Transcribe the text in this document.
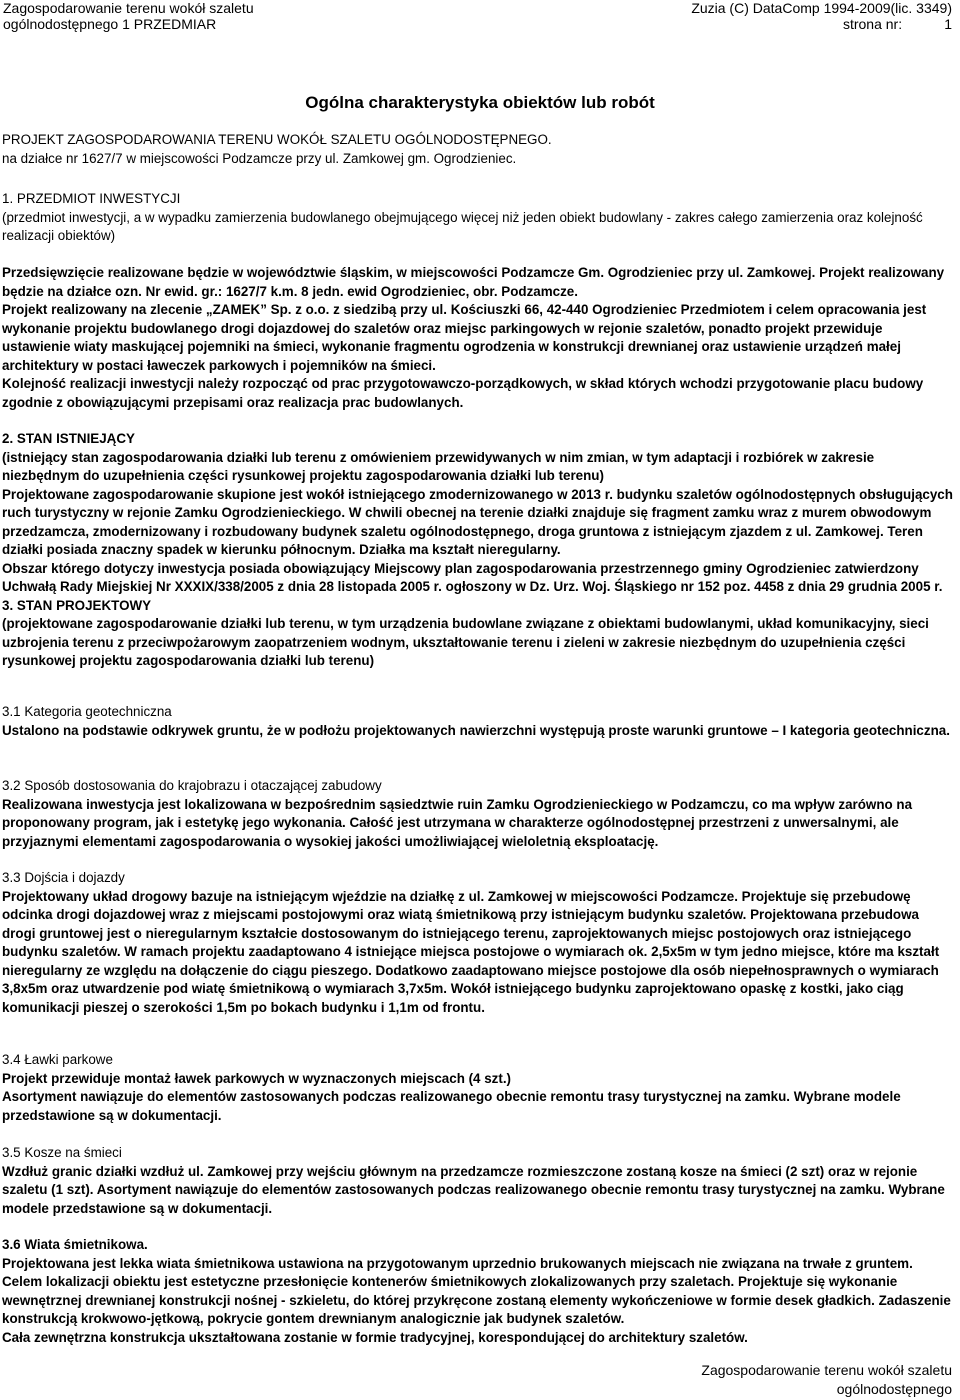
Zagospodarowanie terenu wokół szaletu
ogólnodostępnego 1 PRZEDMIAR
Zuzia (C) DataComp 1994-2009(lic. 3349)
strona nr:	1
Ogólna charakterystyka obiektów lub robót
PROJEKT ZAGOSPODAROWANIA TERENU WOKÓŁ SZALETU OGÓLNODOSTĘPNEGO.
na działce nr 1627/7 w miejscowości Podzamcze przy ul. Zamkowej gm. Ogrodzieniec.
1. PRZEDMIOT INWESTYCJI
(przedmiot inwestycji, a w wypadku zamierzenia budowlanego obejmującego więcej niż jeden obiekt budowlany - zakres całego zamierzenia oraz kolejność realizacji obiektów)
Przedsięwzięcie realizowane będzie w województwie śląskim, w miejscowości Podzamcze Gm. Ogrodzieniec przy ul. Zamkowej. Projekt realizowany będzie na działce ozn. Nr ewid. gr.: 1627/7 k.m. 8 jedn. ewid Ogrodzieniec, obr. Podzamcze.
Projekt realizowany na zlecenie „ZAMEK” Sp. z o.o. z siedzibą przy ul. Kościuszki 66, 42-440 Ogrodzieniec Przedmiotem i celem opracowania jest wykonanie projektu budowlanego drogi dojazdowej do szaletów oraz miejsc parkingowych w rejonie szaletów, ponadto projekt przewiduje ustawienie wiaty maskującej pojemniki na śmieci, wykonanie fragmentu ogrodzenia w konstrukcji drewnianej oraz ustawienie urządzeń małej architektury w postaci ławeczek parkowych i pojemników na śmieci.
Kolejność realizacji inwestycji należy rozpocząć od prac przygotowawczo-porządkowych, w skład których wchodzi przygotowanie placu budowy zgodnie z obowiązującymi przepisami oraz realizacja prac budowlanych.
2. STAN ISTNIEJĄCY
(istniejący stan zagospodarowania działki lub terenu z omówieniem przewidywanych w nim zmian, w tym adaptacji i rozbiórek w zakresie niezbędnym do uzupełnienia części rysunkowej projektu zagospodarowania działki lub terenu)
Projektowane zagospodarowanie skupione jest wokół istniejącego zmodernizowanego w 2013 r. budynku szaletów ogólnodostępnych obsługujących ruch turystyczny w rejonie Zamku Ogrodzienieckiego. W chwili obecnej na terenie działki znajduje się fragment zamku wraz z murem obwodowym przedzamcza, zmodernizowany i rozbudowany budynek szaletu ogólnodostępnego, droga gruntowa z istniejącym zjazdem z ul. Zamkowej. Teren działki posiada znaczny spadek w kierunku północnym. Działka ma kształt nieregularny.
Obszar którego dotyczy inwestycja posiada obowiązujący Miejscowy plan zagospodarowania przestrzennego gminy Ogrodzieniec zatwierdzony Uchwałą Rady Miejskiej Nr XXXIX/338/2005 z dnia 28 listopada 2005 r. ogłoszony w Dz. Urz. Woj. Śląskiego nr 152 poz. 4458 z dnia 29 grudnia 2005 r.
3. STAN PROJEKTOWY
(projektowane zagospodarowanie działki lub terenu, w tym urządzenia budowlane związane z obiektami budowlanymi, układ komunikacyjny, sieci uzbrojenia terenu z przeciwpożarowym zaopatrzeniem wodnym, ukształtowanie terenu i zieleni w zakresie niezbędnym do uzupełnienia części rysunkowej projektu zagospodarowania działki lub terenu)
3.1 Kategoria geotechniczna
Ustalono na podstawie odkrywek gruntu, że w podłożu projektowanych nawierzchni występują proste warunki gruntowe – I kategoria geotechniczna.
3.2 Sposób dostosowania do krajobrazu i otaczającej zabudowy
Realizowana inwestycja jest lokalizowana w bezpośrednim sąsiedztwie ruin Zamku Ogrodzienieckiego w Podzamczu, co ma wpływ zarówno na proponowany program, jak i estetykę jego wykonania. Całość jest utrzymana w charakterze ogólnodostępnej przestrzeni z unwersalnymi, ale przyjaznymi elementami zagospodarowania o wysokiej jakości umożliwiającej wieloletnią eksploatację.
3.3 Dojścia i dojazdy
Projektowany układ drogowy bazuje na istniejącym wjeździe na działkę z ul. Zamkowej w miejscowości Podzamcze. Projektuje się przebudowę odcinka drogi dojazdowej wraz z miejscami postojowymi oraz wiatą śmietnikową przy istniejącym budynku szaletów. Projektowana przebudowa drogi gruntowej jest o nieregularnym kształcie dostosowanym do istniejącego terenu, zaprojektowanych miejsc postojowych oraz istniejącego budynku szaletów. W ramach projektu zaadaptowano 4 istniejące miejsca postojowe o wymiarach ok. 2,5x5m w tym jedno miejsce, które ma kształt nieregularny ze względu na dołączenie do ciągu pieszego. Dodatkowo zaadaptowano miejsce postojowe dla osób niepełnosprawnych o wymiarach 3,8x5m oraz utwardzenie pod wiatę śmietnikową o wymiarach 3,7x5m. Wokół istniejącego budynku zaprojektowano opaskę z kostki, jako ciąg komunikacji pieszej o szerokości 1,5m po bokach budynku i 1,1m od frontu.
3.4 Ławki parkowe
Projekt przewiduje montaż ławek parkowych w wyznaczonych miejscach (4 szt.)
Asortyment nawiązuje do elementów zastosowanych podczas realizowanego obecnie remontu trasy turystycznej na zamku. Wybrane modele przedstawione są w dokumentacji.
3.5 Kosze na śmieci
Wzdłuż granic działki wzdłuż ul. Zamkowej przy wejściu głównym na przedzamcze rozmieszczone zostaną kosze na śmieci (2 szt) oraz w rejonie szaletu (1 szt). Asortyment nawiązuje do elementów zastosowanych podczas realizowanego obecnie remontu trasy turystycznej na zamku. Wybrane modele przedstawione są w dokumentacji.
3.6 Wiata śmietnikowa.
Projektowana jest lekka wiata śmietnikowa ustawiona na przygotowanym uprzednio brukowanych miejscach nie związana na trwałe z gruntem. Celem lokalizacji obiektu jest estetyczne przesłonięcie kontenerów śmietnikowych zlokalizowanych przy szaletach. Projektuje się wykonanie wewnętrznej drewnianej konstrukcji nośnej - szkieletu, do której przykręcone zostaną elementy wykończeniowe w formie desek gładkich. Zadaszenie konstrukcją krokwowo-jętkową, pokrycie gontem drewnianym analogicznie jak budynek szaletów.
Cała zewnętrzna konstrukcja ukształtowana zostanie w formie tradycyjnej, korespondującej do architektury szaletów.
Zagospodarowanie terenu wokół szaletu
ogólnodostępnego
